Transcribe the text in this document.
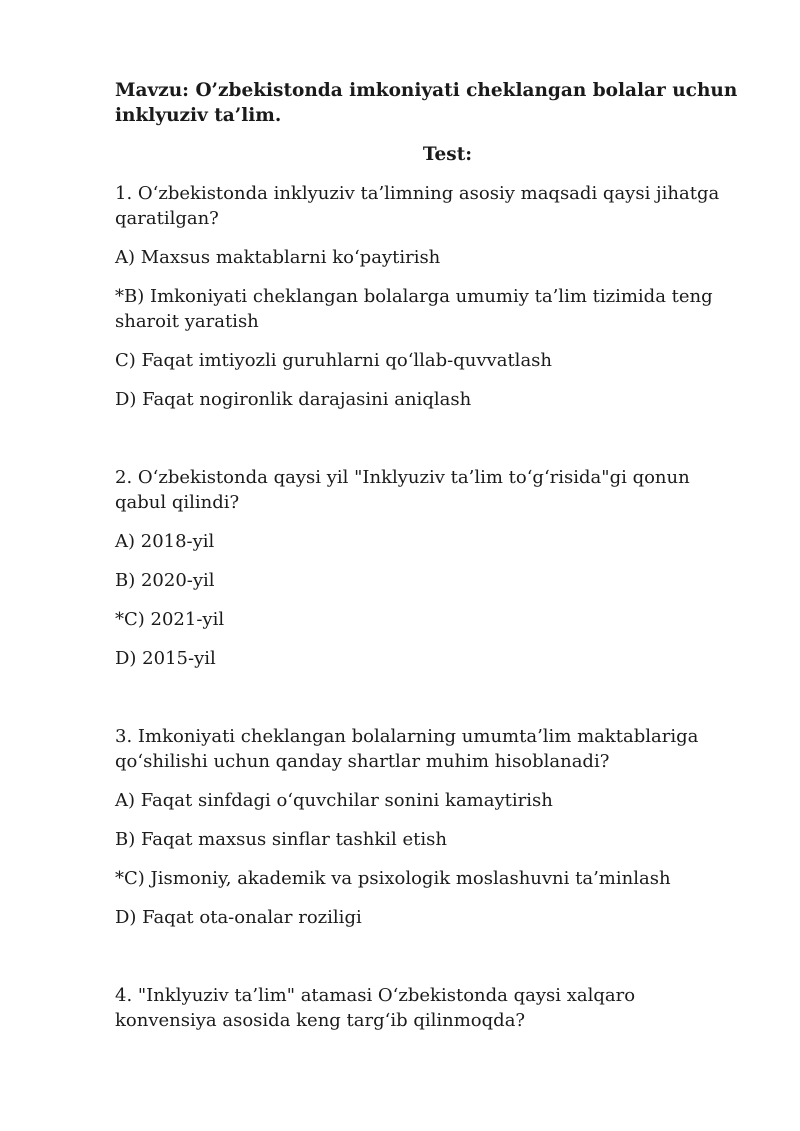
Mavzu: O’zbekistonda imkoniyati cheklangan bolalar uchun inklyuziv ta’lim.

Test:

1. O‘zbekistonda inklyuziv ta’limning asosiy maqsadi qaysi jihatga qaratilgan?

A) Maxsus maktablarni ko‘paytirish

*B) Imkoniyati cheklangan bolalarga umumiy ta’lim tizimida teng sharoit yaratish

C) Faqat imtiyozli guruhlarni qo‘llab-quvvatlash

D) Faqat nogironlik darajasini aniqlash

2. O‘zbekistonda qaysi yil "Inklyuziv ta’lim to‘g‘risida"gi qonun qabul qilindi?

A) 2018-yil

B) 2020-yil

*C) 2021-yil

D) 2015-yil

3. Imkoniyati cheklangan bolalarning umumta’lim maktablariga qo‘shilishi uchun qanday shartlar muhim hisoblanadi?

A) Faqat sinfdagi o‘quvchilar sonini kamaytirish

B) Faqat maxsus sinflar tashkil etish

*C) Jismoniy, akademik va psixologik moslashuvni ta’minlash

D) Faqat ota-onalar roziligi

4. "Inklyuziv ta’lim" atamasi O‘zbekistonda qaysi xalqaro konvensiya asosida keng targ‘ib qilinmoqda?
